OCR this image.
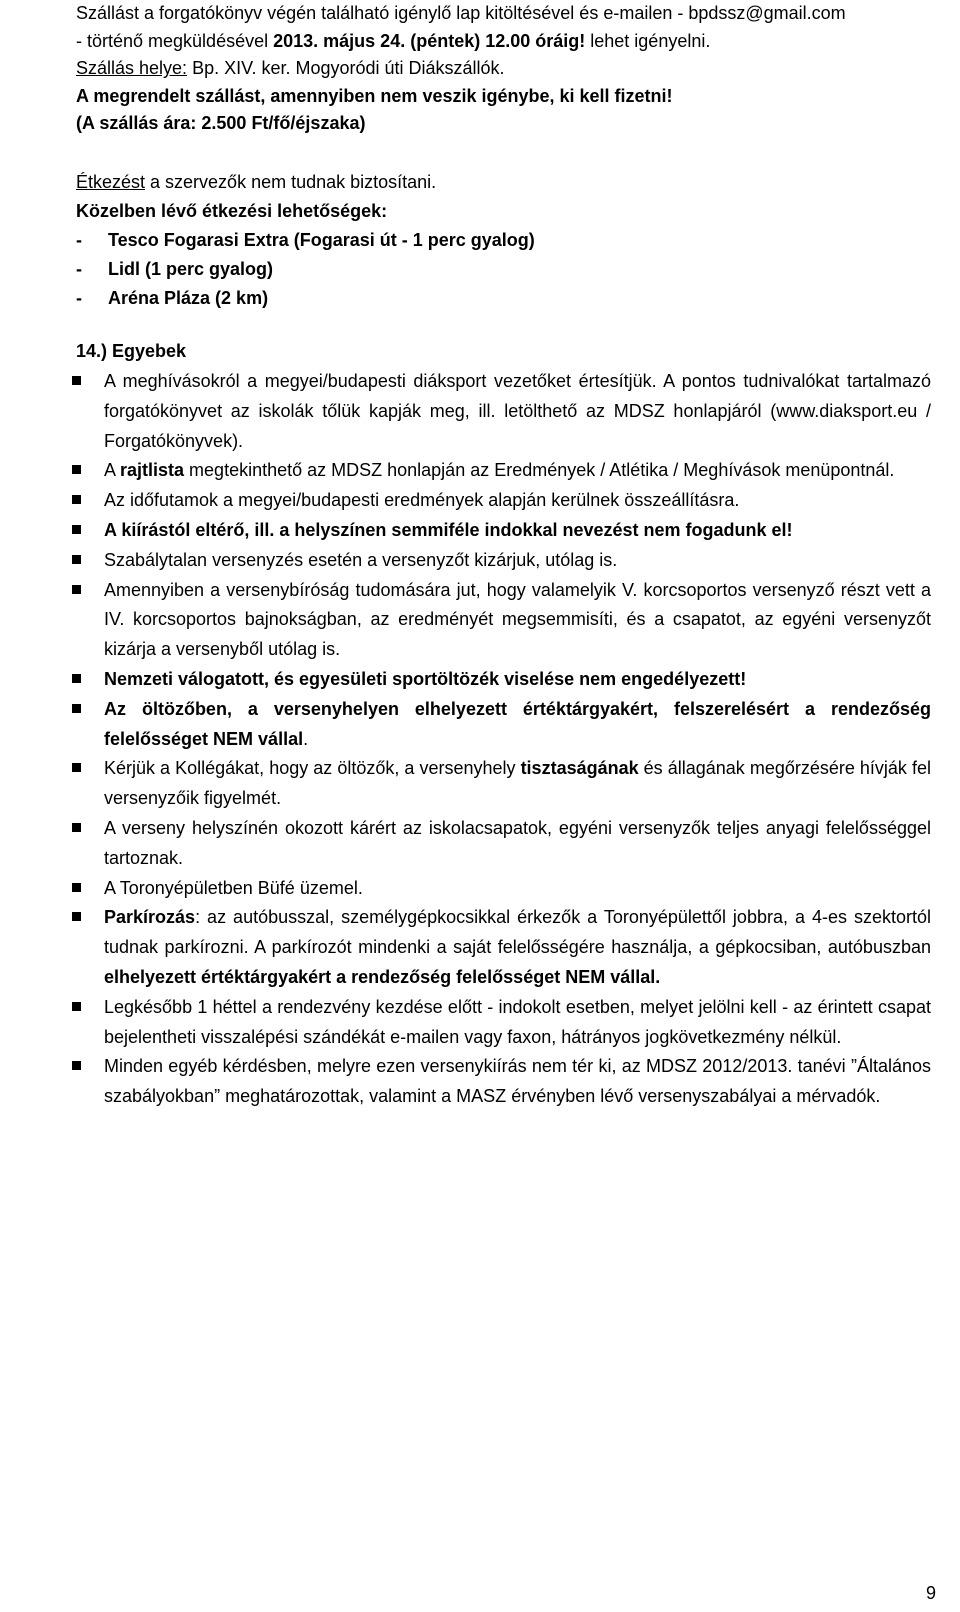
Szállást a forgatókönyv végén található igénylő lap kitöltésével és e-mailen - bpdssz@gmail.com
- történő megküldésével 2013. május 24. (péntek) 12.00 óráig! lehet igényelni.
Szállás helye: Bp. XIV. ker. Mogyoródi úti Diákszállók.
A megrendelt szállást, amennyiben nem veszik igénybe, ki kell fizetni!
(A szállás ára: 2.500 Ft/fő/éjszaka)
Étkezést a szervezők nem tudnak biztosítani.
Közelben lévő étkezési lehetőségek:
- Tesco Fogarasi Extra (Fogarasi út - 1 perc gyalog)
- Lidl (1 perc gyalog)
- Aréna Pláza (2 km)
14.) Egyebek
A meghívásokról a megyei/budapesti diáksport vezetőket értesítjük. A pontos tudnivalókat tartalmazó forgatókönyvet az iskolák tőlük kapják meg, ill. letölthető az MDSZ honlapjáról (www.diaksport.eu / Forgatókönyvek).
A rajtlista megtekinthető az MDSZ honlapján az Eredmények / Atlétika / Meghívások menüpontnál.
Az időfutamok a megyei/budapesti eredmények alapján kerülnek összeállításra.
A kiírástól eltérő, ill. a helyszínen semmiféle indokkal nevezést nem fogadunk el!
Szabálytalan versenyzés esetén a versenyzőt kizárjuk, utólag is.
Amennyiben a versenybíróság tudomására jut, hogy valamelyik V. korcsoportos versenyző részt vett a IV. korcsoportos bajnokságban, az eredményét megsemmisíti, és a csapatot, az egyéni versenyzőt kizárja a versenyből utólag is.
Nemzeti válogatott, és egyesületi sportöltözék viselése nem engedélyezett!
Az öltözőben, a versenyhelyen elhelyezett értéktárgyakért, felszerelésért a rendezőség felelősséget NEM vállal.
Kérjük a Kollégákat, hogy az öltözők, a versenyhely tisztaságának és állagának megőrzésére hívják fel versenyzőik figyelmét.
A verseny helyszínén okozott kárért az iskolacsapatok, egyéni versenyzők teljes anyagi felelősséggel tartoznak.
A Toronyépületben Büfé üzemel.
Parkírozás: az autóbusszal, személygépkocsikkal érkezők a Toronyépülettől jobbra, a 4-es szektortól tudnak parkírozni. A parkírozót mindenki a saját felelősségére használja, a gépkocsiban, autóbuszban elhelyezett értéktárgyakért a rendezőség felelősséget NEM vállal.
Legkésőbb 1 héttel a rendezvény kezdése előtt - indokolt esetben, melyet jelölni kell - az érintett csapat bejelentheti visszalépési szándékát e-mailen vagy faxon, hátrányos jogkövetkezmény nélkül.
Minden egyéb kérdésben, melyre ezen versenykiírás nem tér ki, az MDSZ 2012/2013. tanévi ”Általános szabályokban” meghatározottak, valamint a MASZ érvényben lévő versenyszabályai a mérvadók.
9
